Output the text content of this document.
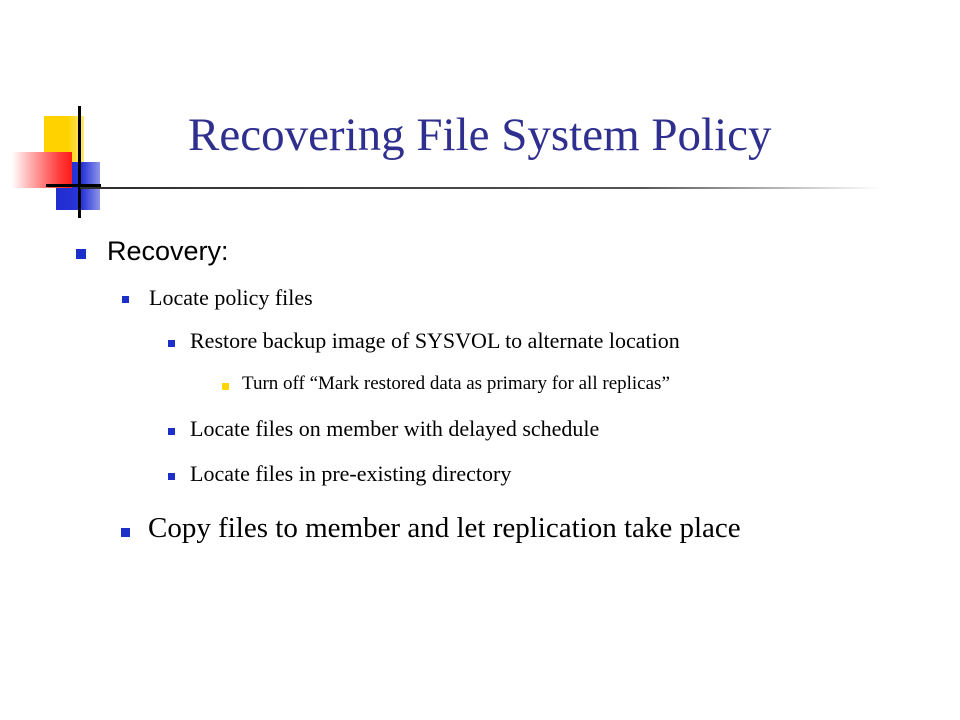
Recovering File System Policy
Recovery:
Locate policy files
Restore backup image of SYSVOL to alternate location
Turn off “Mark restored data as primary for all replicas”
Locate files on member with delayed schedule
Locate files in pre-existing directory
Copy files to member and let replication take place
